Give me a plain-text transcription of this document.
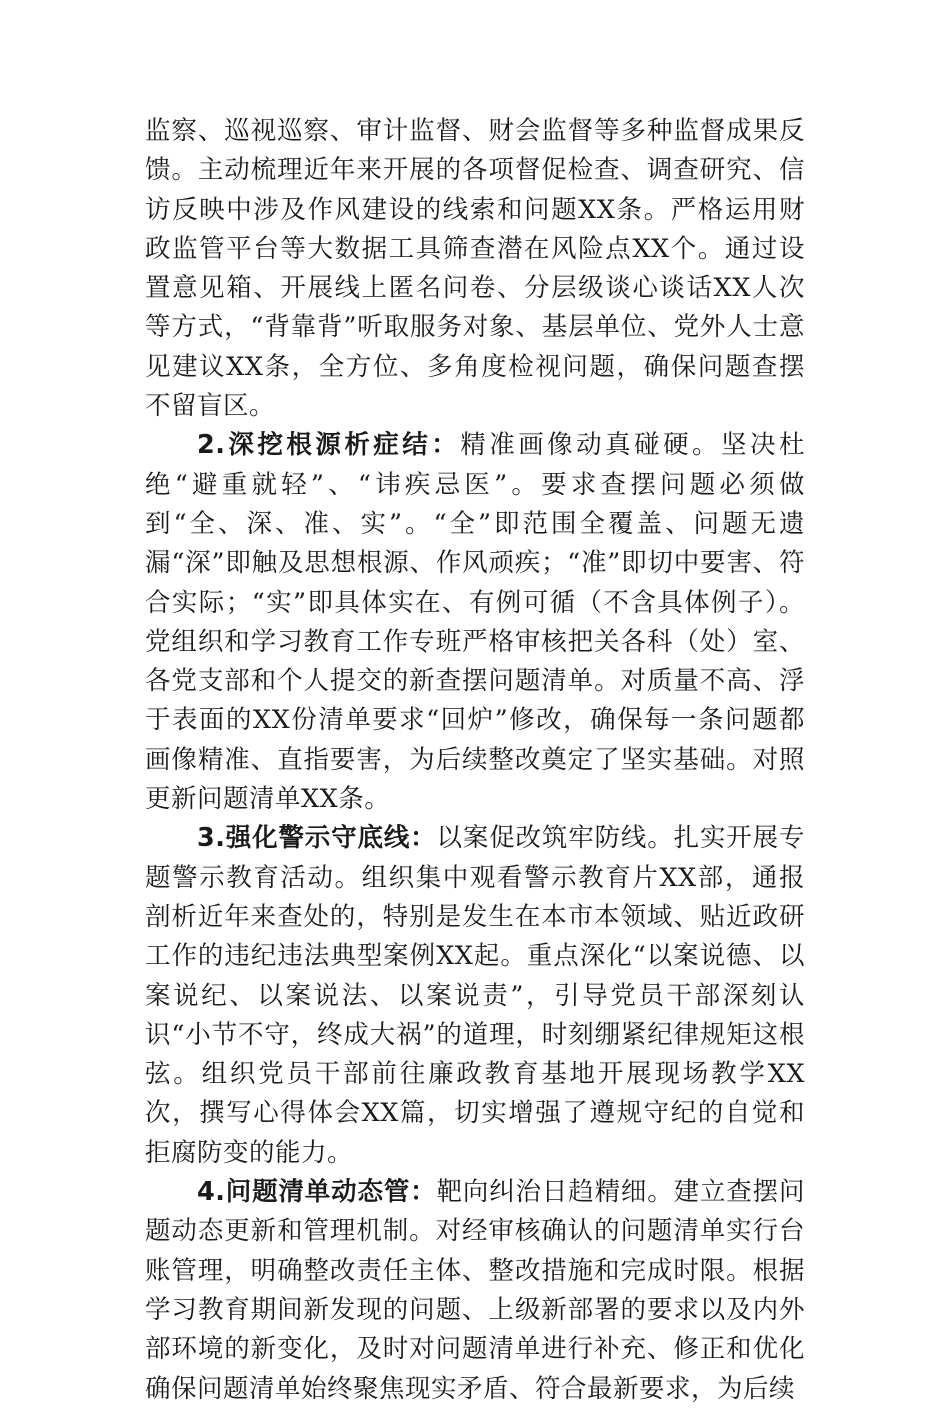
监察、巡视巡察、审计监督、财会监督等多种监督成果反馈。主动梳理近年来开展的各项督促检查、调查研究、信访反映中涉及作风建设的线索和问题XX条。严格运用财政监管平台等大数据工具筛查潜在风险点XX个。通过设置意见箱、开展线上匿名问卷、分层级谈心谈话XX人次等方式，“背靠背”听取服务对象、基层单位、党外人士意见建议XX条，全方位、多角度检视问题，确保问题查摆不留盲区。

2.深挖根源析症结：精准画像动真碰硬。坚决杜绝“避重就轻”、“讳疾忌医”。要求查摆问题必须做到“全、深、准、实”。“全”即范围全覆盖、问题无遗漏“深”即触及思想根源、作风顽疾；“准”即切中要害、符合实际；“实”即具体实在、有例可循（不含具体例子）。党组织和学习教育工作专班严格审核把关各科（处）室、各党支部和个人提交的新查摆问题清单。对质量不高、浮于表面的XX份清单要求“回炉”修改，确保每一条问题都画像精准、直指要害，为后续整改奠定了坚实基础。对照更新问题清单XX条。

3.强化警示守底线：以案促改筑牢防线。扎实开展专题警示教育活动。组织集中观看警示教育片XX部，通报剖析近年来查处的，特别是发生在本市本领域、贴近政研工作的违纪违法典型案例XX起。重点深化“以案说德、以案说纪、以案说法、以案说责”，引导党员干部深刻认识“小节不守，终成大祸”的道理，时刻绷紧纪律规矩这根弦。组织党员干部前往廉政教育基地开展现场教学XX次，撰写心得体会XX篇，切实增强了遵规守纪的自觉和拒腐防变的能力。

4.问题清单动态管：靶向纠治日趋精细。建立查摆问题动态更新和管理机制。对经审核确认的问题清单实行台账管理，明确整改责任主体、整改措施和完成时限。根据学习教育期间新发现的问题、上级新部署的要求以及内外部环境的新变化，及时对问题清单进行补充、修正和优化确保问题清单始终聚焦现实矛盾、符合最新要求，为后续
